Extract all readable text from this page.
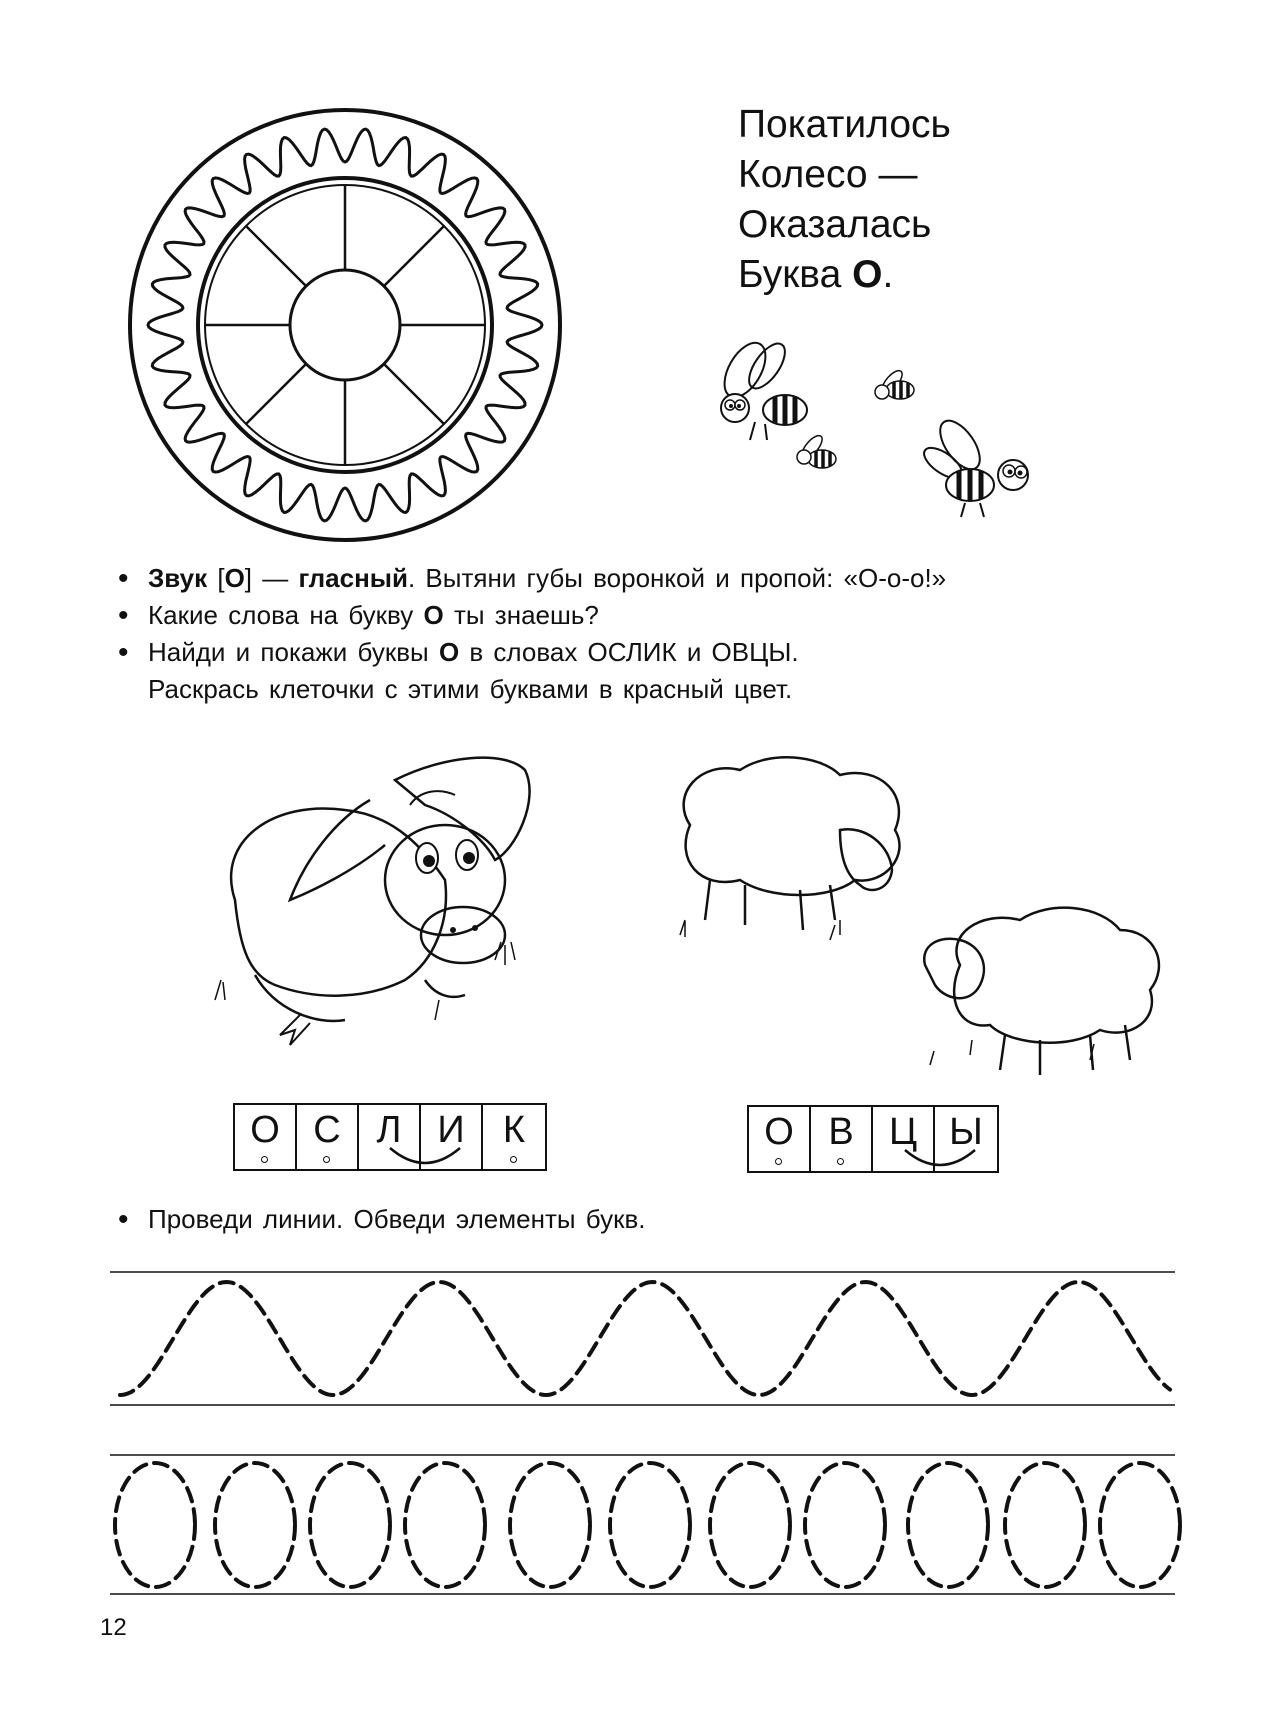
Покатилось
Колесо —
Оказалась
Буква О.
• Звук [О] — гласный. Вытяни губы воронкой и пропой: «О-о-о!»
• Какие слова на букву О ты знаешь?
• Найди и покажи буквы О в словах ОСЛИК и ОВЦЫ.
Раскрась клеточки с этими буквами в красный цвет.
О С Л И К	О В Ц Ы
• Проведи линии. Обведи элементы букв.
12
